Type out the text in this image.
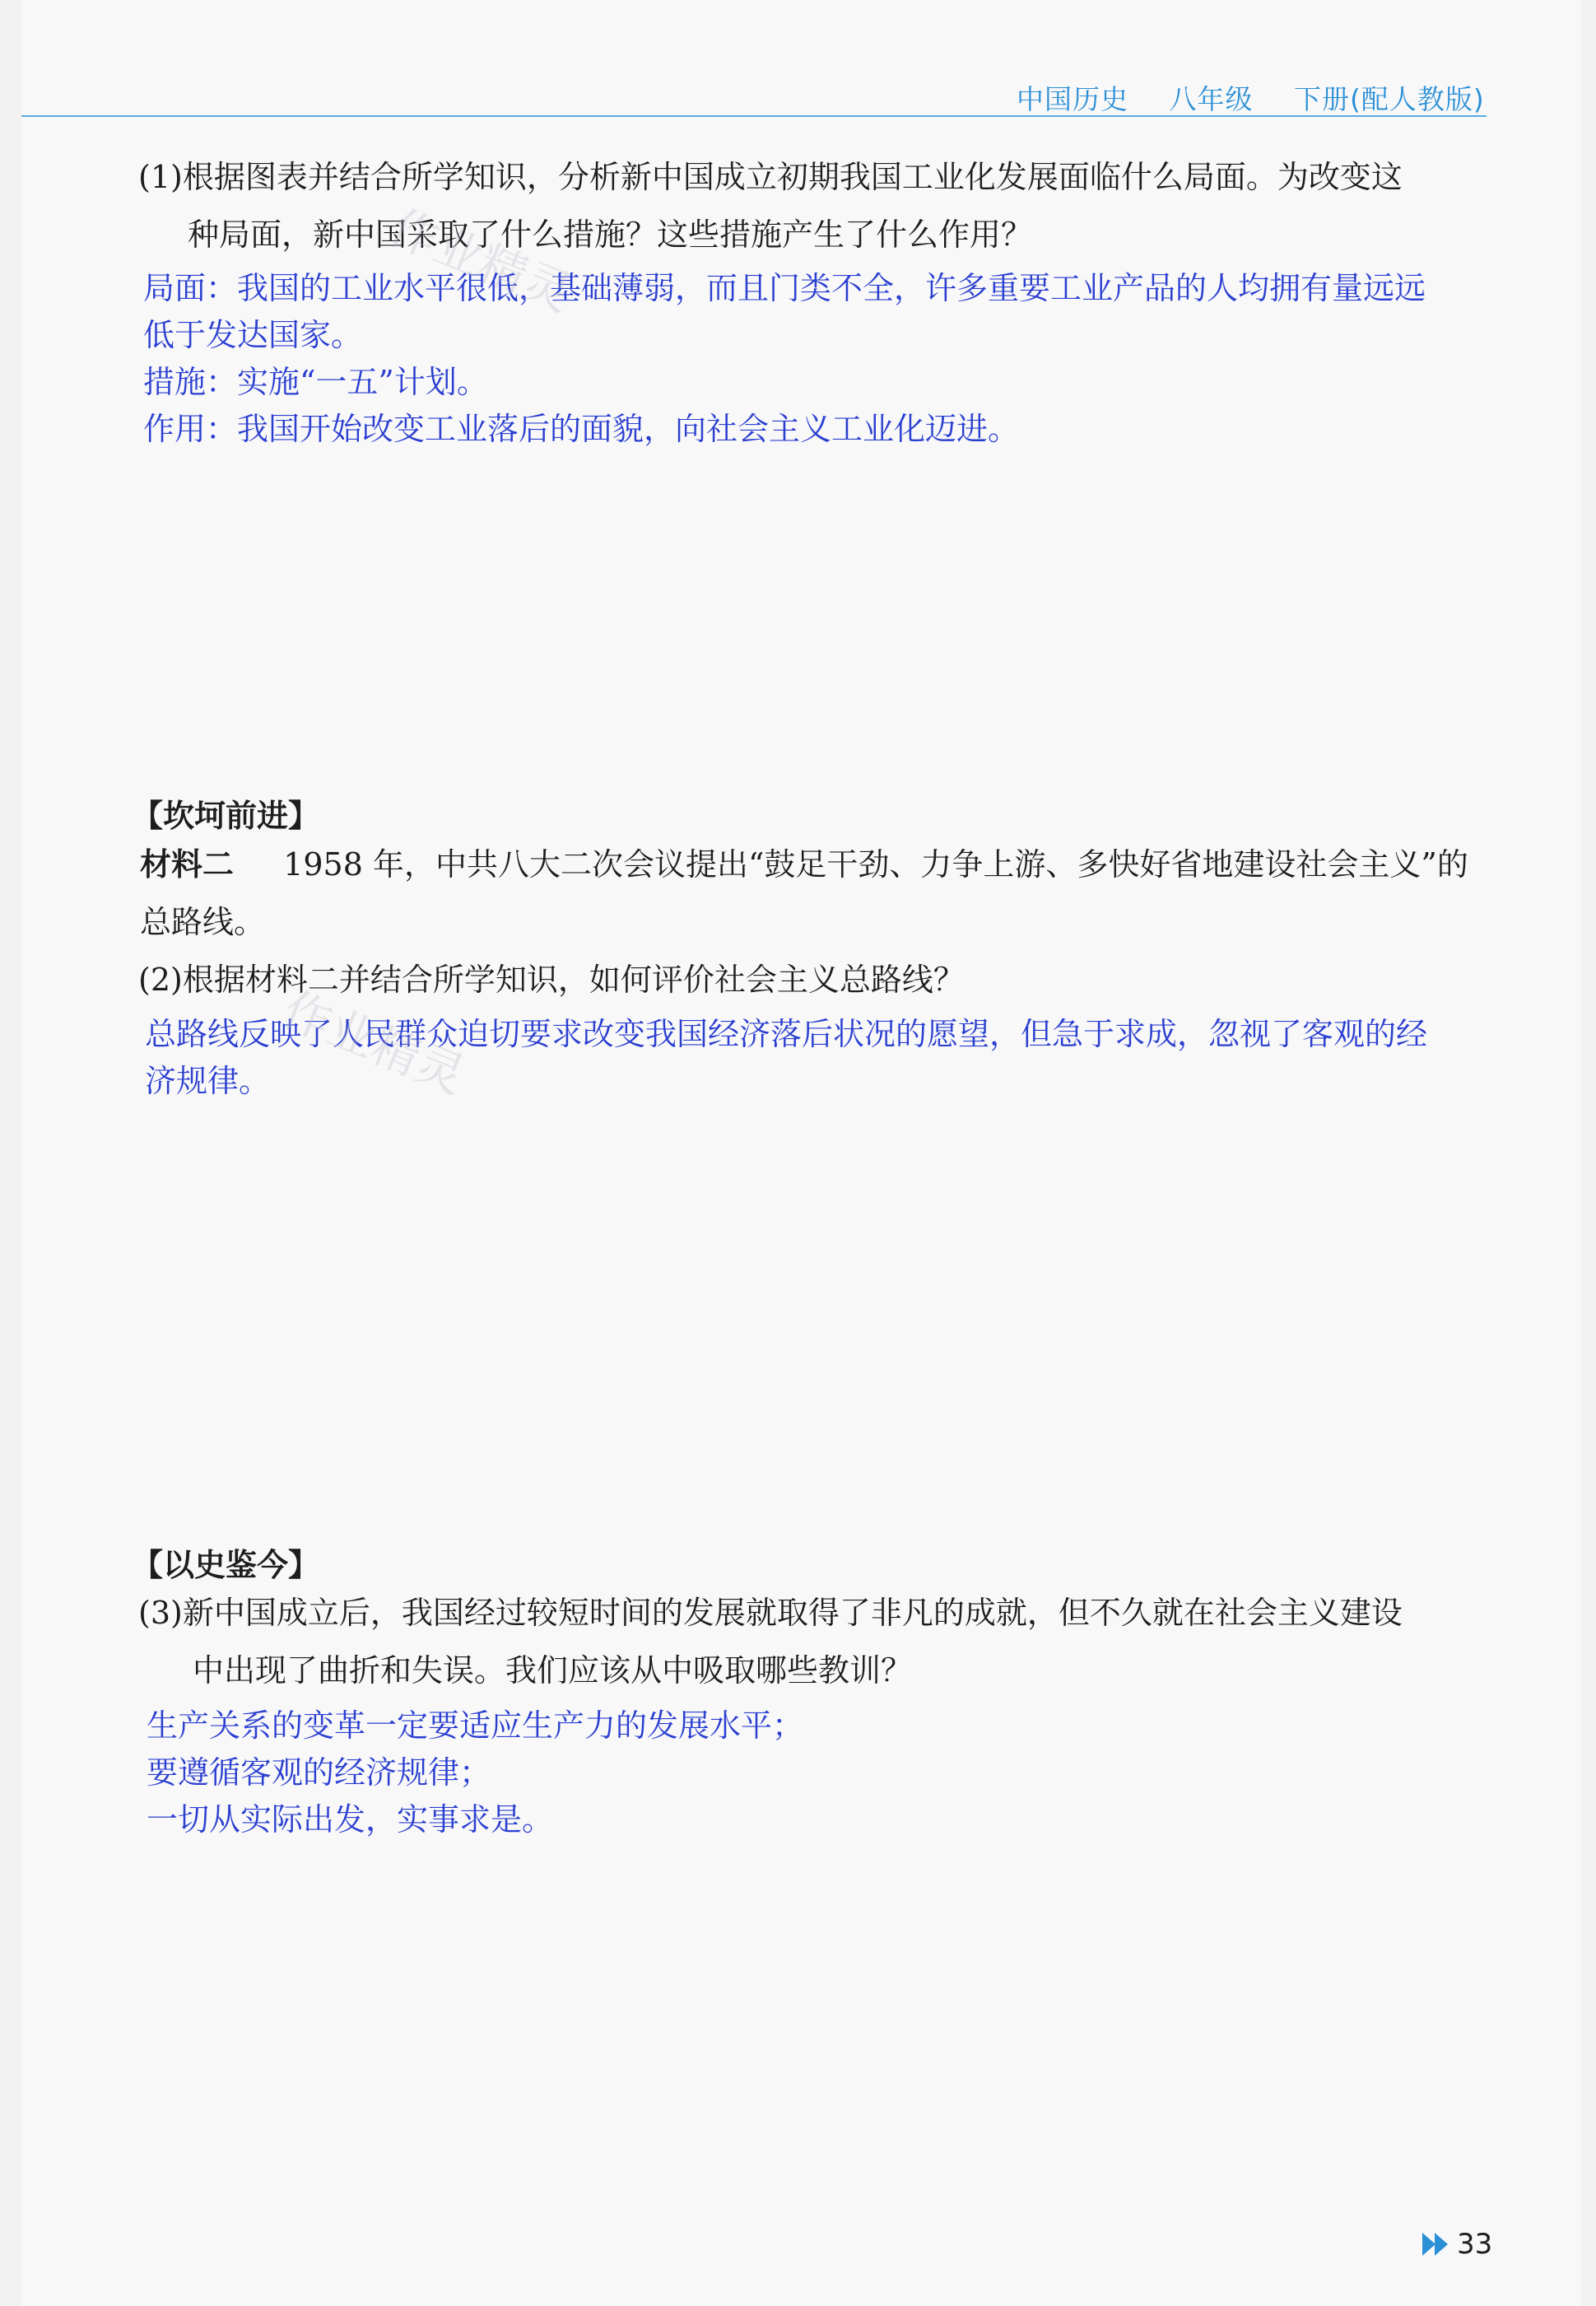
中国历史 八年级 下册(配人教版)
(1)根据图表并结合所学知识，分析新中国成立初期我国工业化发展面临什么局面。为改变这
种局面，新中国采取了什么措施？这些措施产生了什么作用？
局面：我国的工业水平很低，基础薄弱，而且门类不全，许多重要工业产品的人均拥有量远远
低于发达国家。
措施：实施“一五”计划。
作用：我国开始改变工业落后的面貌，向社会主义工业化迈进。
作业精灵
【坎坷前进】
材料二 1958 年，中共八大二次会议提出“鼓足干劲、力争上游、多快好省地建设社会主义”的
总路线。
(2)根据材料二并结合所学知识，如何评价社会主义总路线？
总路线反映了人民群众迫切要求改变我国经济落后状况的愿望，但急于求成，忽视了客观的经
济规律。 作业精灵
【以史鉴今】
(3)新中国成立后，我国经过较短时间的发展就取得了非凡的成就，但不久就在社会主义建设
中出现了曲折和失误。我们应该从中吸取哪些教训？
生产关系的变革一定要适应生产力的发展水平；
要遵循客观的经济规律；
一切从实际出发，实事求是。
33
